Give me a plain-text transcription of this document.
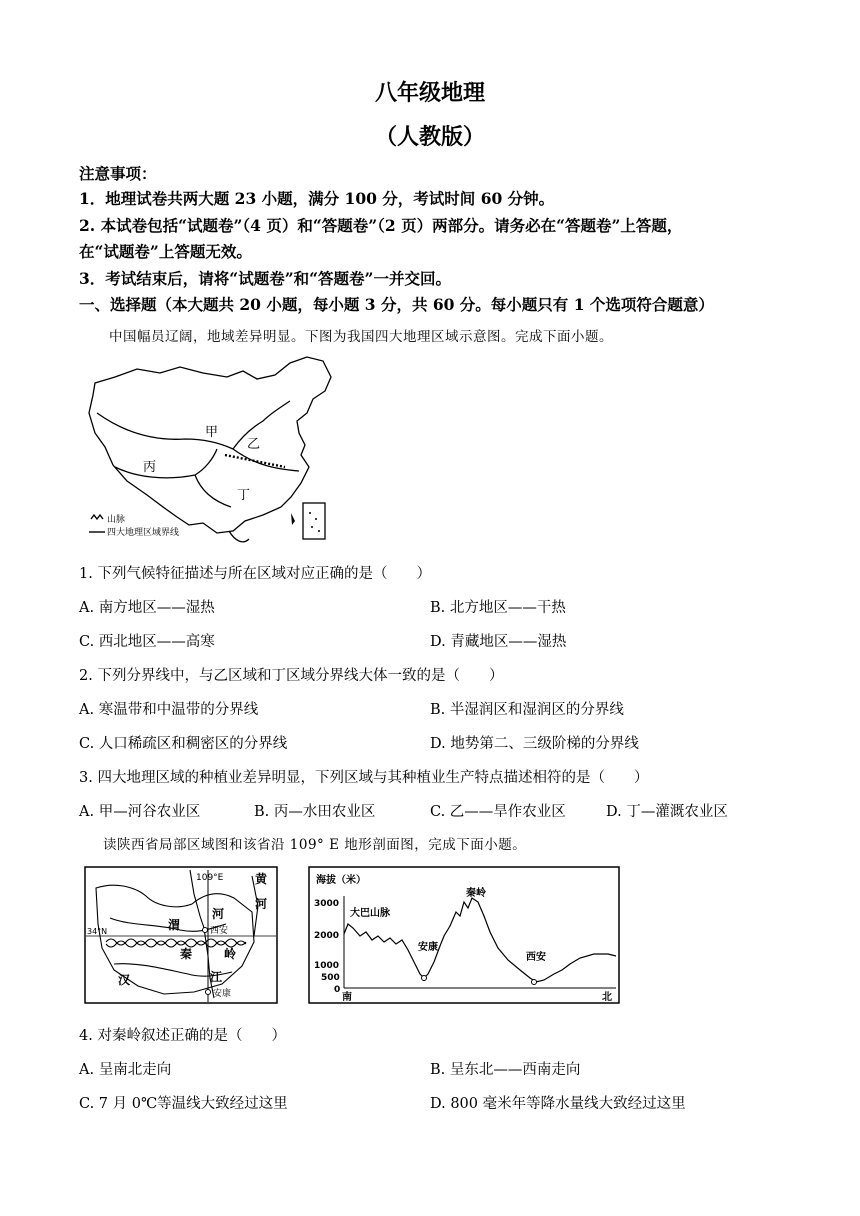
八年级地理
（人教版）
注意事项：
1．地理试卷共两大题 23 小题，满分 100 分，考试时间 60 分钟。
2. 本试卷包括“试题卷”（4 页）和“答题卷”（2 页）两部分。请务必在“答题卷”上答题，
在“试题卷”上答题无效。
3．考试结束后，请将“试题卷”和“答题卷”一并交回。
一、选择题（本大题共 20 小题，每小题 3 分，共 60 分。每小题只有 1 个选项符合题意）
中国幅员辽阔，地域差异明显。下图为我国四大地理区域示意图。完成下面小题。
甲
乙
丙
丁
山脉
四大地理区域界线
1. 下列气候特征描述与所在区域对应正确的是（　　）
A. 南方地区——湿热	B. 北方地区——干热
C. 西北地区——高寒	D. 青藏地区——湿热
2. 下列分界线中，与乙区域和丁区域分界线大体一致的是（　　）
A. 寒温带和中温带的分界线	B. 半湿润区和湿润区的分界线
C. 人口稀疏区和稠密区的分界线	D. 地势第二、三级阶梯的分界线
3. 四大地理区域的种植业差异明显，下列区域与其种植业生产特点描述相符的是（　　）
A. 甲—河谷农业区	B. 丙—水田农业区	C. 乙——旱作农业区	D. 丁—灌溉农业区
读陕西省局部区域图和该省沿 109° E 地形剖面图，完成下面小题。
109°E	黄
河
渭
河
西安
34°N
秦	岭
汉	江
安康
海拔（米）
3000
2000
1000
500
0
大巴山脉
安康
秦岭
西安
南	北
4. 对秦岭叙述正确的是（　　）
A. 呈南北走向	B. 呈东北——西南走向
C. 7 月 0℃等温线大致经过这里	D. 800 毫米年等降水量线大致经过这里
